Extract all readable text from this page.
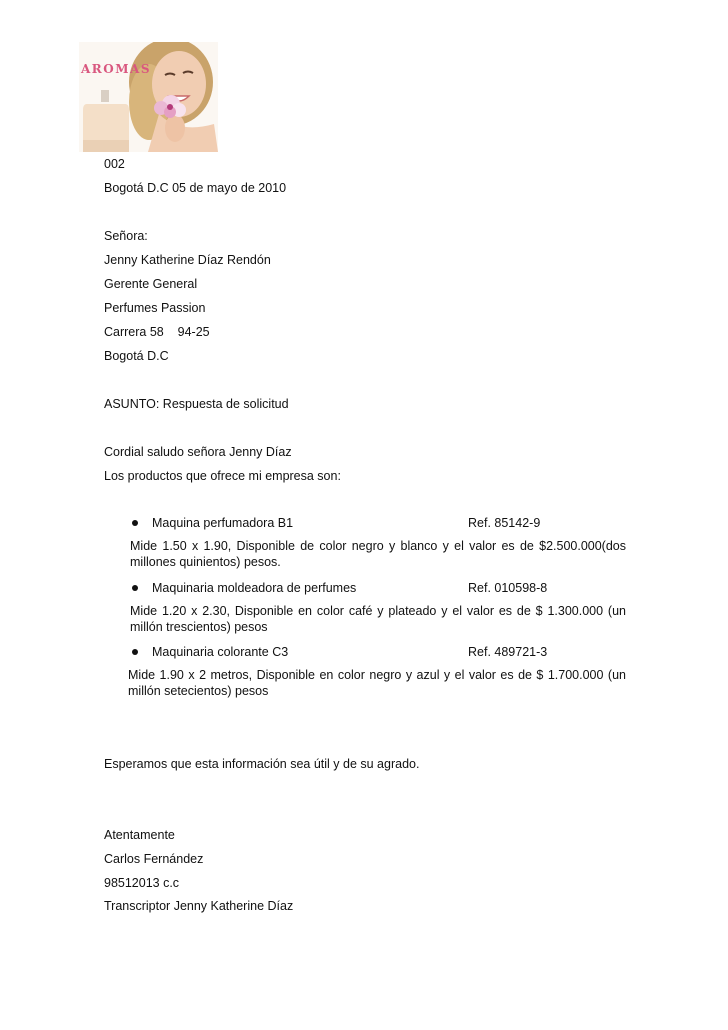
AROMAS
002
Bogotá D.C 05 de mayo de 2010
Señora:
Jenny Katherine Díaz Rendón
Gerente General
Perfumes Passion
Carrera 58    94-25
Bogotá D.C
ASUNTO: Respuesta de solicitud
Cordial saludo señora Jenny Díaz
Los productos que ofrece mi empresa son:
Maquina perfumadora B1	Ref. 85142-9
Mide 1.50 x 1.90, Disponible de color negro y blanco y el valor es de $2.500.000(dos millones quinientos) pesos.
Maquinaria moldeadora de perfumes	Ref. 010598-8
Mide 1.20 x 2.30, Disponible en color café y plateado y el valor es de $ 1.300.000 (un millón trescientos) pesos
Maquinaria colorante C3	Ref. 489721-3
Mide 1.90 x 2 metros, Disponible en color negro y azul y el valor es de $ 1.700.000 (un millón setecientos) pesos
Esperamos que esta información sea útil y de su agrado.
Atentamente
Carlos Fernández
98512013 c.c
Transcriptor Jenny Katherine Díaz
